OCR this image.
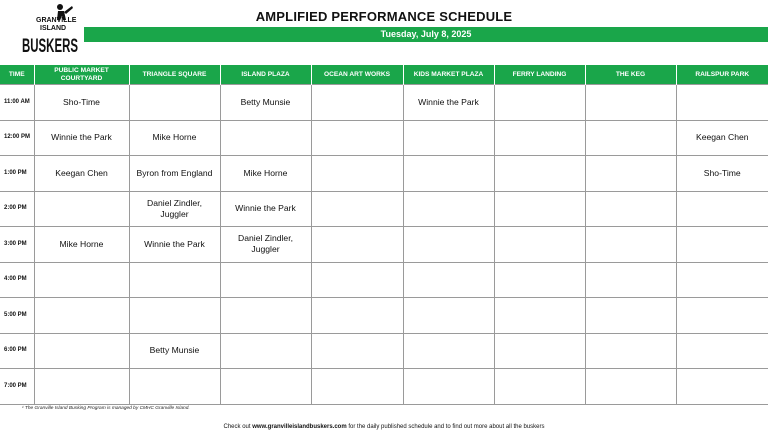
GRANVILLE
ISLAND
BUSKERS
AMPLIFIED PERFORMANCE SCHEDULE
Tuesday, July 8, 2025
TIME	PUBLIC MARKET COURTYARD	TRIANGLE SQUARE	ISLAND PLAZA	OCEAN ART WORKS	KIDS MARKET PLAZA	FERRY LANDING	THE KEG	RAILSPUR PARK
11:00 AM	Sho-Time		Betty Munsie		Winnie the Park			
12:00 PM	Winnie the Park	Mike Horne						Keegan Chen
1:00 PM	Keegan Chen	Byron from England	Mike Horne					Sho-Time
2:00 PM		Daniel Zindler, Juggler	Winnie the Park					
3:00 PM	Mike Horne	Winnie the Park	Daniel Zindler, Juggler					
4:00 PM								
5:00 PM								
6:00 PM		Betty Munsie						
7:00 PM								
¹ The Granville Island Busking Program is managed by CMHC Granville Island.
Check out www.granvilleislandbuskers.com for the daily published schedule and to find out more about all the buskers
